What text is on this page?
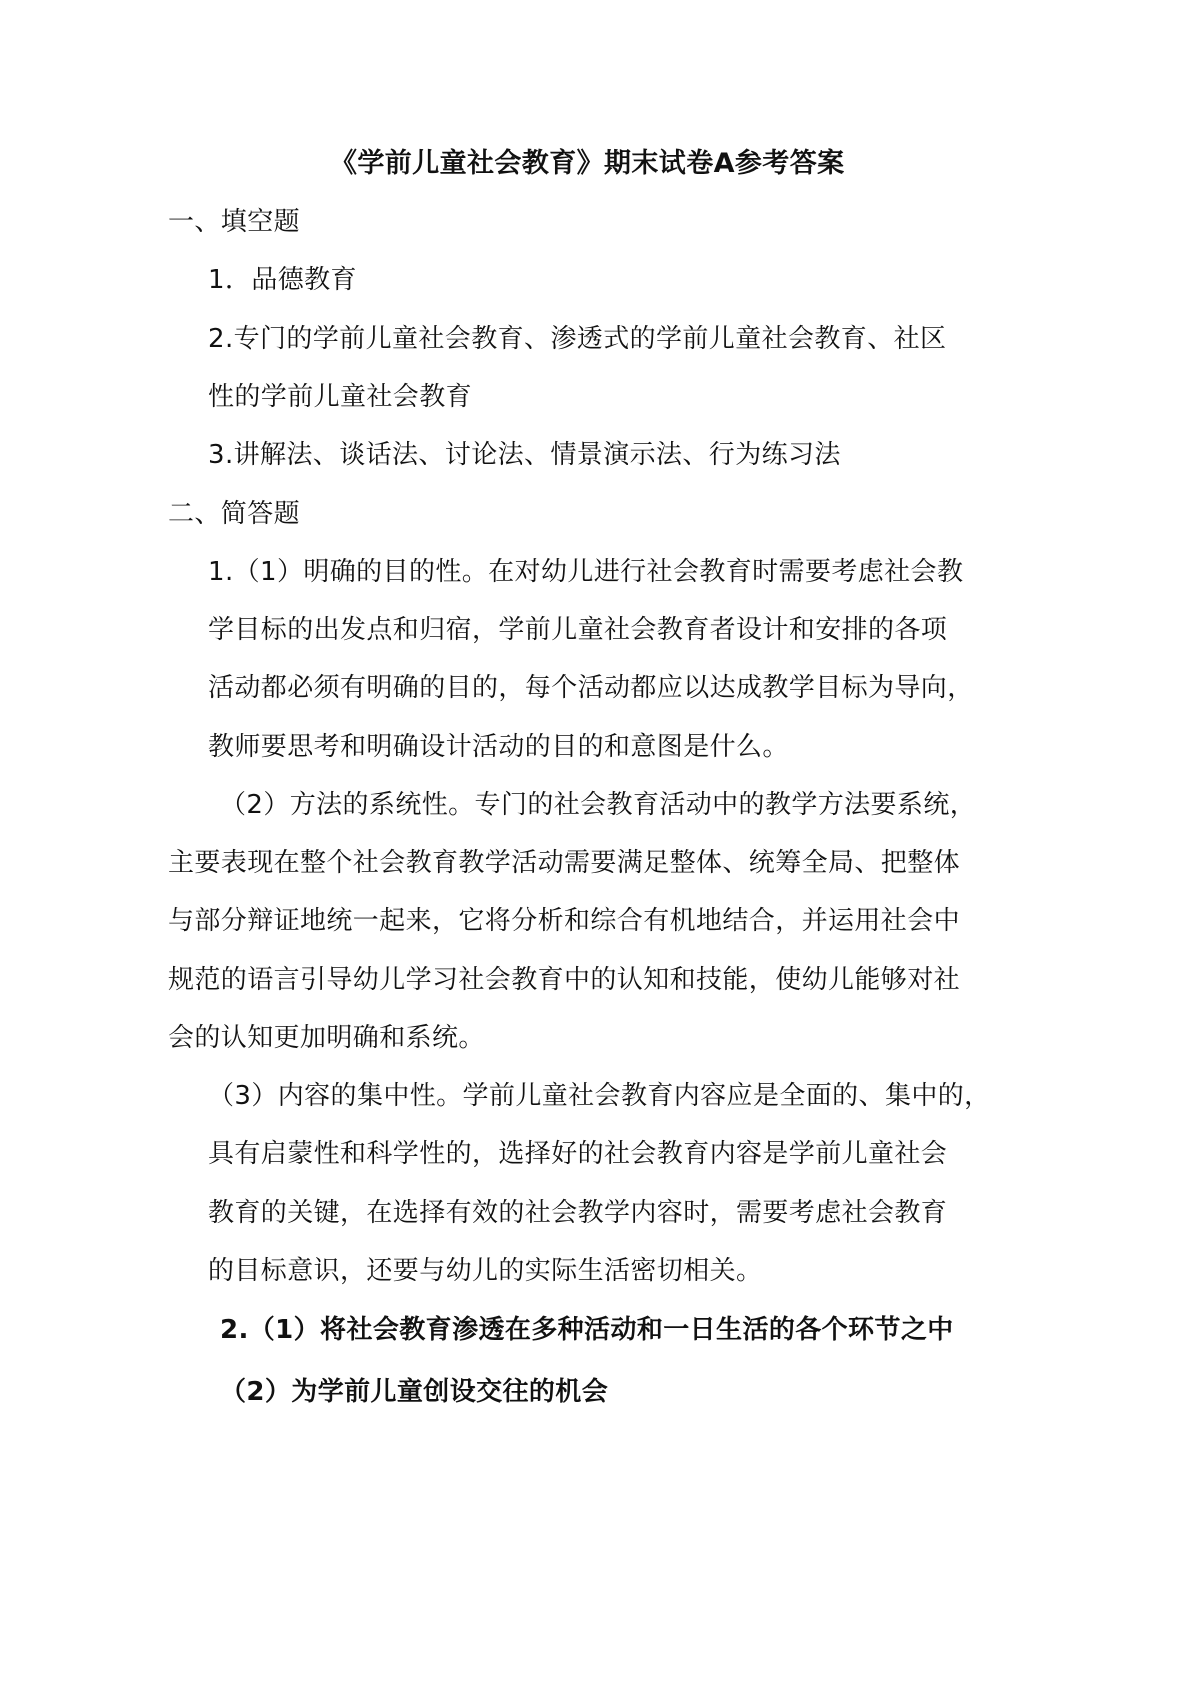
《学前儿童社会教育》期末试卷A参考答案

一、填空题

1．品德教育

2.专门的学前儿童社会教育、渗透式的学前儿童社会教育、社区

性的学前儿童社会教育

3.讲解法、谈话法、讨论法、情景演示法、行为练习法

二、简答题

1.（1）明确的目的性。在对幼儿进行社会教育时需要考虑社会教

学目标的出发点和归宿，学前儿童社会教育者设计和安排的各项

活动都必须有明确的目的，每个活动都应以达成教学目标为导向，

教师要思考和明确设计活动的目的和意图是什么。

（2）方法的系统性。专门的社会教育活动中的教学方法要系统，

主要表现在整个社会教育教学活动需要满足整体、统筹全局、把整体

与部分辩证地统一起来，它将分析和综合有机地结合，并运用社会中

规范的语言引导幼儿学习社会教育中的认知和技能，使幼儿能够对社

会的认知更加明确和系统。

（3）内容的集中性。学前儿童社会教育内容应是全面的、集中的，

具有启蒙性和科学性的，选择好的社会教育内容是学前儿童社会

教育的关键，在选择有效的社会教学内容时，需要考虑社会教育

的目标意识，还要与幼儿的实际生活密切相关。

2.（1）将社会教育渗透在多种活动和一日生活的各个环节之中

（2）为学前儿童创设交往的机会
